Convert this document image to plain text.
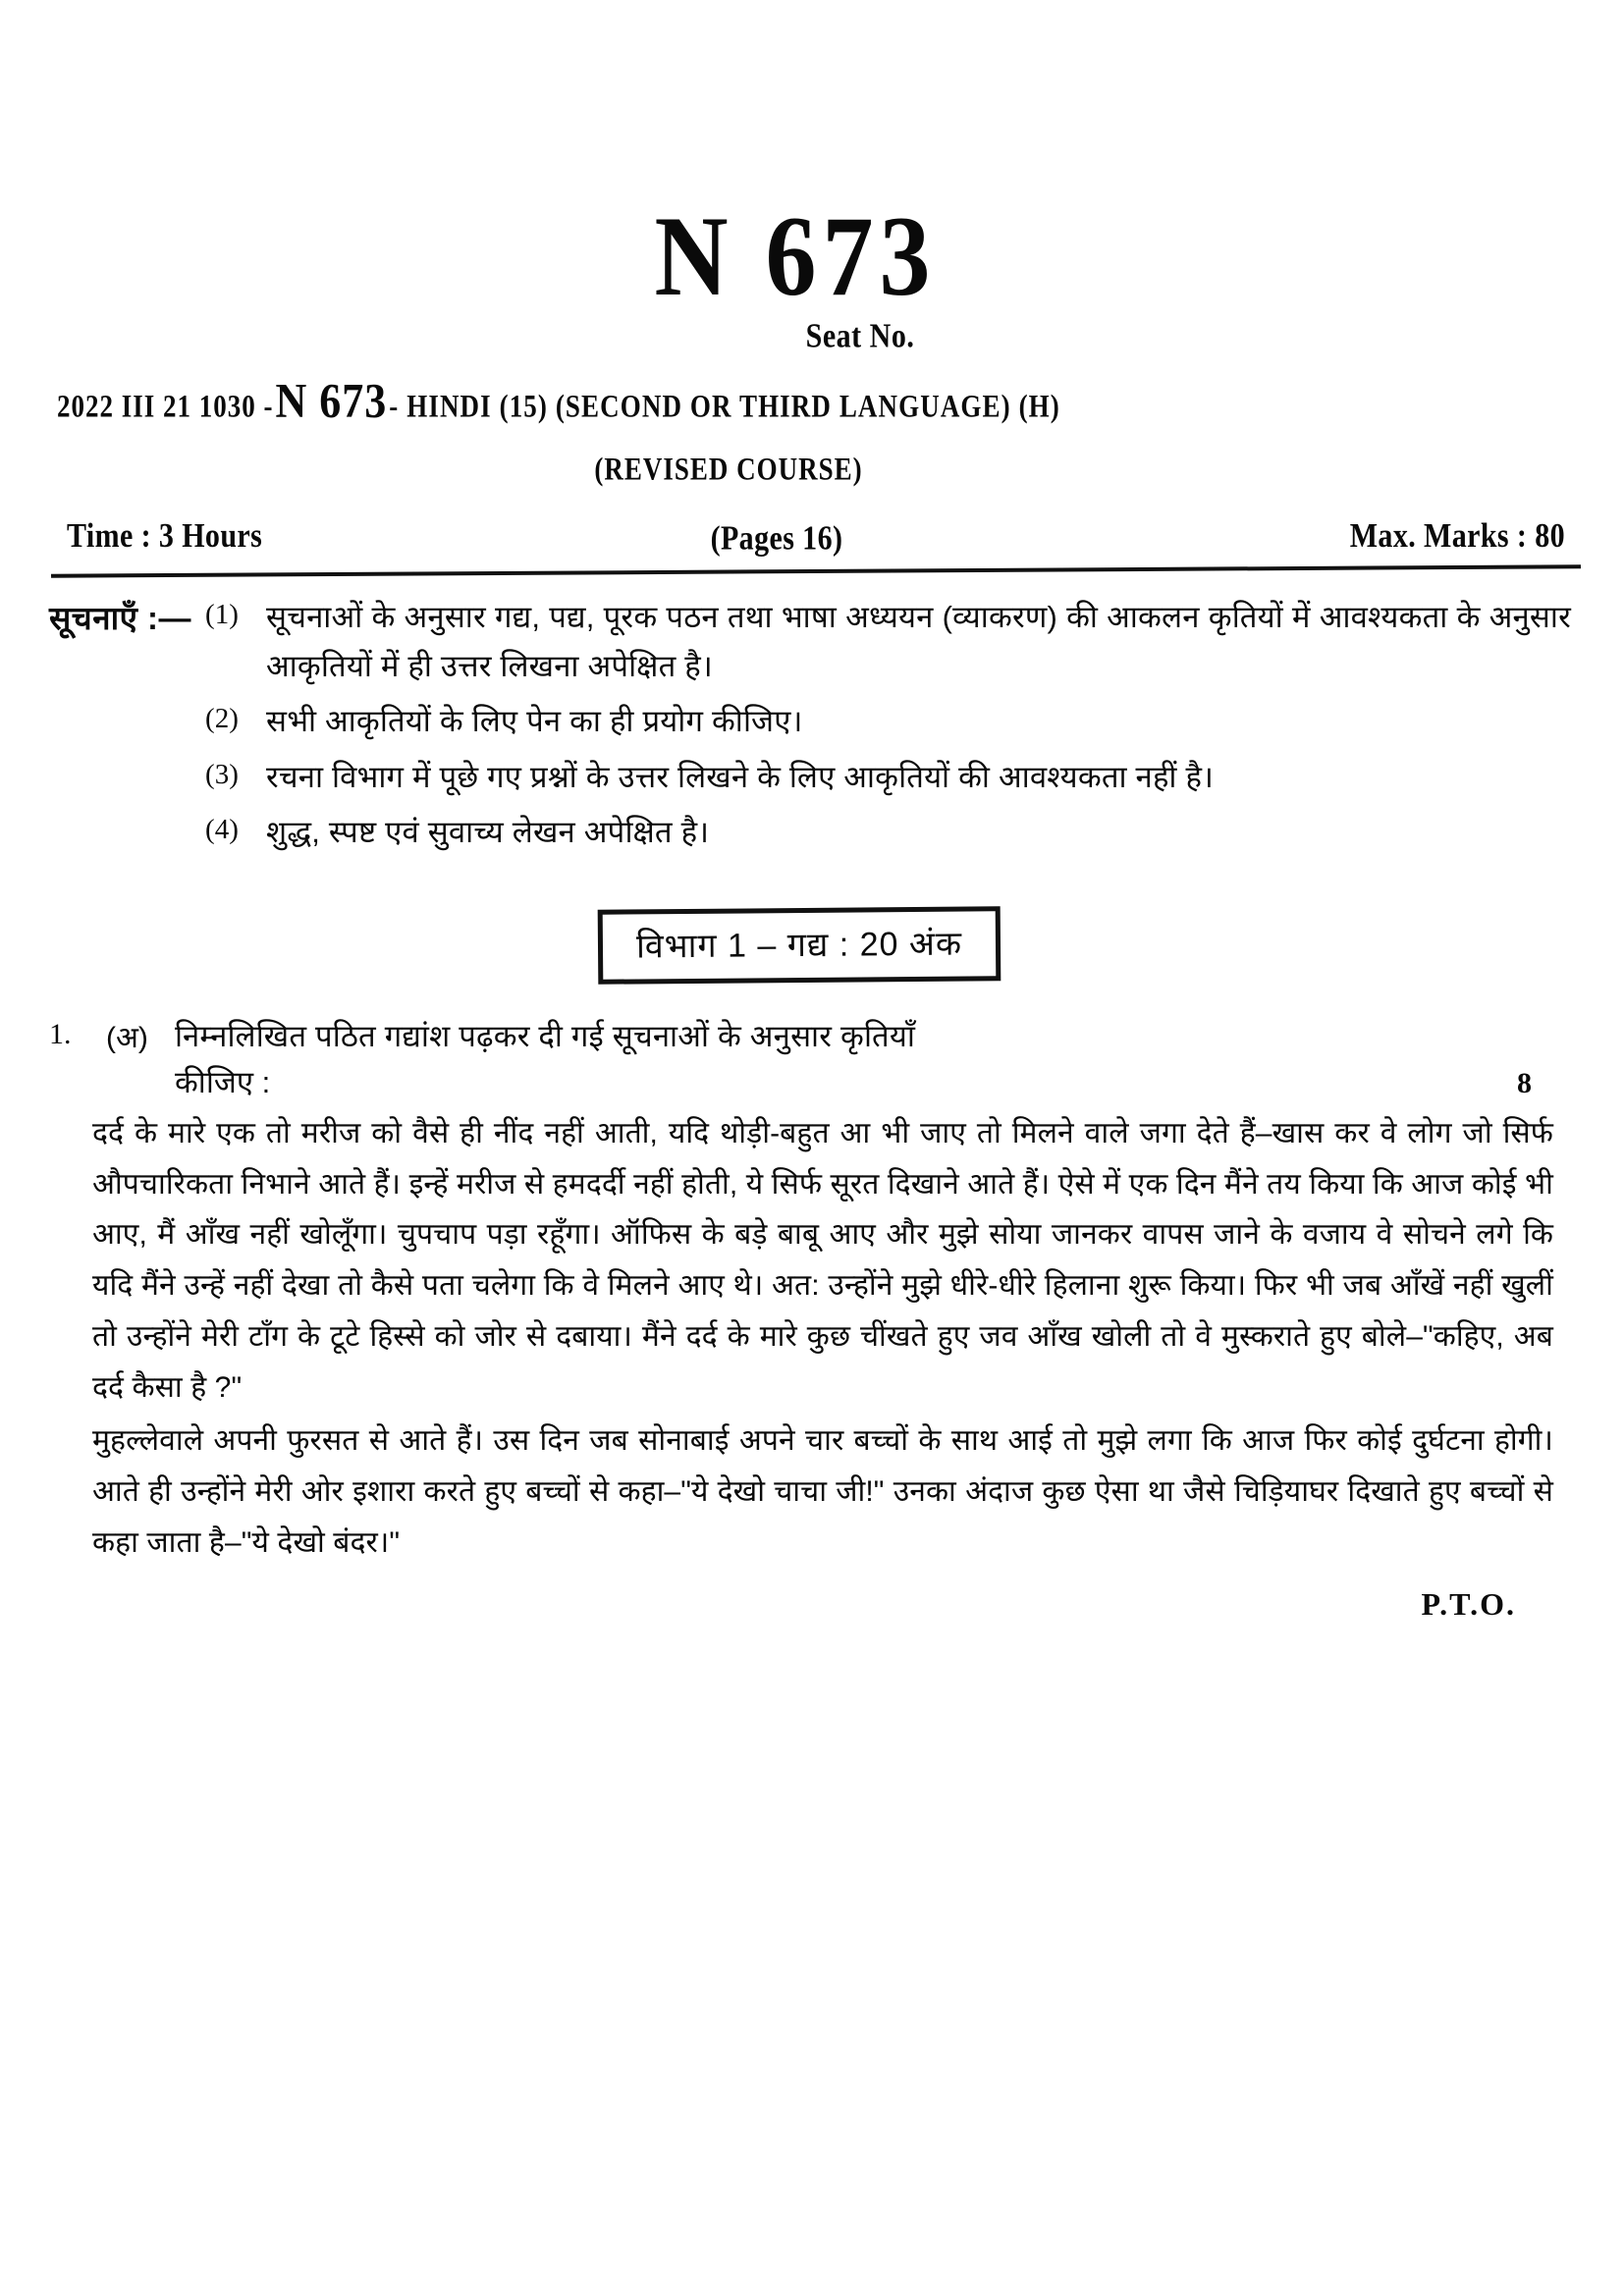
N 673
Seat No.
2022 III 21 1030 - N 673 - HINDI (15) (SECOND OR THIRD LANGUAGE) (H)
(REVISED COURSE)
Time : 3 Hours	(Pages 16)	Max. Marks : 80
सूचनाएँ :— (1) सूचनाओं के अनुसार गद्य, पद्य, पूरक पठन तथा भाषा अध्ययन (व्याकरण) की आकलन कृतियों में आवश्यकता के अनुसार आकृतियों में ही उत्तर लिखना अपेक्षित है।
(2) सभी आकृतियों के लिए पेन का ही प्रयोग कीजिए।
(3) रचना विभाग में पूछे गए प्रश्नों के उत्तर लिखने के लिए आकृतियों की आवश्यकता नहीं है।
(4) शुद्ध, स्पष्ट एवं सुवाच्य लेखन अपेक्षित है।
विभाग 1 – गद्य : 20 अंक
1.	(अ) निम्नलिखित पठित गद्यांश पढ़कर दी गई सूचनाओं के अनुसार कृतियाँ
कीजिए :	8

दर्द के मारे एक तो मरीज को वैसे ही नींद नहीं आती, यदि थोड़ी-बहुत आ भी जाए तो मिलने वाले जगा देते हैं–खास कर वे लोग जो सिर्फ औपचारिकता निभाने आते हैं। इन्हें मरीज से हमदर्दी नहीं होती, ये सिर्फ सूरत दिखाने आते हैं। ऐसे में एक दिन मैंने तय किया कि आज कोई भी आए, मैं आँख नहीं खोलूँगा। चुपचाप पड़ा रहूँगा। ऑफिस के बड़े बाबू आए और मुझे सोया जानकर वापस जाने के वजाय वे सोचने लगे कि यदि मैंने उन्हें नहीं देखा तो कैसे पता चलेगा कि वे मिलने आए थे। अत: उन्होंने मुझे धीरे-धीरे हिलाना शुरू किया। फिर भी जब आँखें नहीं खुलीं तो उन्होंने मेरी टाँग के टूटे हिस्से को जोर से दबाया। मैंने दर्द के मारे कुछ चींखते हुए जव आँख खोली तो वे मुस्कराते हुए बोले–"कहिए, अब दर्द कैसा है ?"

मुहल्लेवाले अपनी फुरसत से आते हैं। उस दिन जब सोनाबाई अपने चार बच्चों के साथ आई तो मुझे लगा कि आज फिर कोई दुर्घटना होगी। आते ही उन्होंने मेरी ओर इशारा करते हुए बच्चों से कहा–"ये देखो चाचा जी!" उनका अंदाज कुछ ऐसा था जैसे चिड़ियाघर दिखाते हुए बच्चों से कहा जाता है–"ये देखो बंदर।"

P.T.O.
